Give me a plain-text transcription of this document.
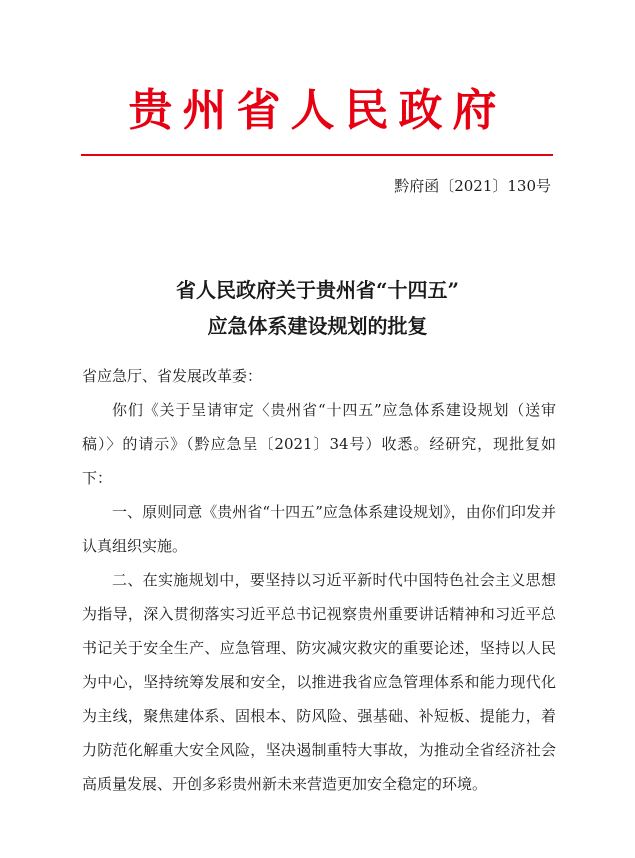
贵州省人民政府
黔府函〔2021〕130号
省人民政府关于贵州省“十四五”
应急体系建设规划的批复

省应急厅、省发展改革委：

你们《关于呈请审定〈贵州省“十四五”应急体系建设规划（送审稿）〉的请示》（黔应急呈〔2021〕34号）收悉。经研究，现批复如下：

一、原则同意《贵州省“十四五”应急体系建设规划》，由你们印发并认真组织实施。

二、在实施规划中，要坚持以习近平新时代中国特色社会主义思想为指导，深入贯彻落实习近平总书记视察贵州重要讲话精神和习近平总书记关于安全生产、应急管理、防灾减灾救灾的重要论述，坚持以人民为中心，坚持统筹发展和安全，以推进我省应急管理体系和能力现代化为主线，聚焦建体系、固根本、防风险、强基础、补短板、提能力，着力防范化解重大安全风险，坚决遏制重特大事故，为推动全省经济社会高质量发展、开创多彩贵州新未来营造更加安全稳定的环境。
